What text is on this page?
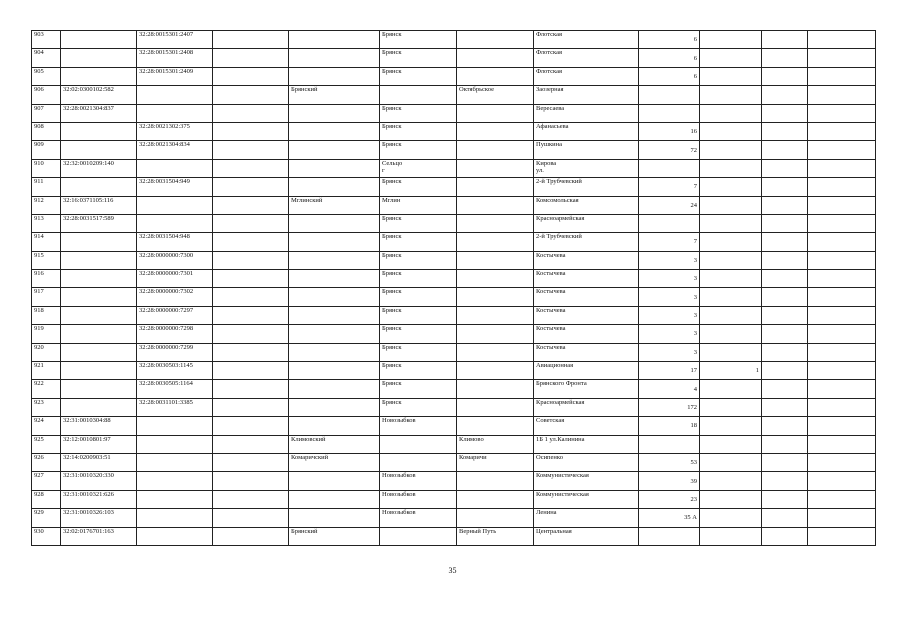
903		32:28:0015301:2407			Брянск		Флотская	6			
904		32:28:0015301:2408			Брянск		Флотская	6			
905		32:28:0015301:2409			Брянск		Флотская	6			
906	32:02:0300102:582			Брянский		Октябрьское	Заозерная				
907	32:28:0021304:837				Брянск		Вересаева				
908		32:28:0021302:375			Брянск		Афанасьева	16			
909		32:28:0021304:834			Брянск		Пушкина	72			
910	32:32:0010209:140				Сельцо
г		Кирова
ул.				
911		32:28:0031504:949			Брянск		2-й Трубчевский	7			
912	32:16:0371105:116			Мглинский	Мглин		Комсомольская	24			
913	32:28:0031517:589				Брянск		Красноармейская				
914		32:28:0031504:948			Брянск		2-й Трубчевский	7			
915		32:28:0000000:7300			Брянск		Костычева	3			
916		32:28:0000000:7301			Брянск		Костычева	3			
917		32:28:0000000:7302			Брянск		Костычева	3			
918		32:28:0000000:7297			Брянск		Костычева	3			
919		32:28:0000000:7298			Брянск		Костычева	3			
920		32:28:0000000:7299			Брянск		Костычева	3			
921		32:28:0030503:1145			Брянск		Авиационная	17	1		
922		32:28:0030505:1164			Брянск		Брянского Фронта	4			
923		32:28:0031101:3385			Брянск		Красноармейская	172			
924	32:31:0010304:88				Новозыбков		Советская	18			
925	32:12:0010801:97			Климовский		Климово	1Б 1 ул.Калинина				
926	32:14:0200903:51			Комаричский		Комаричи	Осипенко	53			
927	32:31:0010320:330				Новозыбков		Коммунистическая	39			
928	32:31:0010321:626				Новозыбков		Коммунистическая	23			
929	32:31:0010326:103				Новозыбков		Ленина	35 А			
930	32:02:0176701:163			Брянский		Верный Путь	Центральная				
35
